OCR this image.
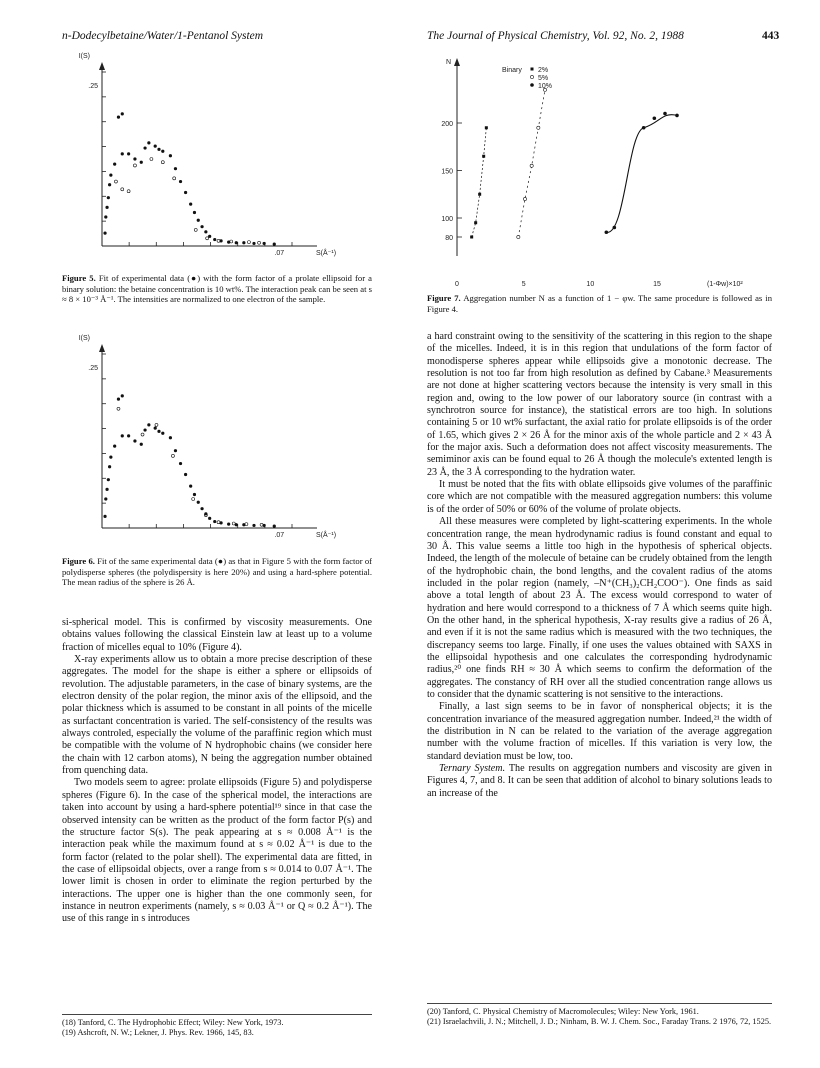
n-Dodecylbetaine/Water/1-Pentanol System	The Journal of Physical Chemistry, Vol. 92, No. 2, 1988	443
I(S)
.25
.07	S(Å⁻¹)
Figure 5. Fit of experimental data (●) with the form factor of a prolate ellipsoid for a binary solution: the betaine concentration is 10 wt%. The interaction peak can be seen at s ≈ 8 × 10⁻³ Å⁻¹. The intensities are normalized to one electron of the sample.
I(S)
.25
.07	S(Å⁻¹)
Figure 6. Fit of the same experimental data (●) as that in Figure 5 with the form factor of polydisperse spheres (the polydispersity is here 20%) and using a hard-sphere potential. The mean radius of the sphere is 26 Å.
N
80
100
150
200
0	5	10	15	(1-Φw)×10²
Binary 2%
5%
10%
Figure 7. Aggregation number N as a function of 1 − φw. The same procedure is followed as in Figure 4.

si-spherical model. This is confirmed by viscosity measurements. One obtains values following the classical Einstein law at least up to a volume fraction of micelles equal to 10% (Figure 4).

X-ray experiments allow us to obtain a more precise description of these aggregates. The model for the shape is either a sphere or ellipsoids of revolution. The adjustable parameters, in the case of binary systems, are the electron density of the polar region, the minor axis of the ellipsoid, and the polar thickness which is assumed to be constant in all points of the micelle as surfactant concentration is varied. The self-consistency of the results was always controled, especially the volume of the paraffinic region which must be compatible with the volume of N hydrophobic chains (we consider here the chain with 12 carbon atoms), N being the aggregation number obtained from quenching data.

Two models seem to agree: prolate ellipsoids (Figure 5) and polydisperse spheres (Figure 6). In the case of the spherical model, the interactions are taken into account by using a hard-sphere potential¹⁹ since in that case the observed intensity can be written as the product of the form factor P(s) and the structure factor S(s). The peak appearing at s ≈ 0.008 Å⁻¹ is the interaction peak while the maximum found at s ≈ 0.02 Å⁻¹ is due to the form factor (related to the polar shell). The experimental data are fitted, in the case of ellipsoidal objects, over a range from s ≈ 0.014 to 0.07 Å⁻¹. The lower limit is chosen in order to eliminate the region perturbed by the interactions. The upper one is higher than the one commonly seen, for instance in neutron experiments (namely, s ≈ 0.03 Å⁻¹ or Q ≈ 0.2 Å⁻¹). The use of this range in s introduces

(18) Tanford, C. The Hydrophobic Effect; Wiley: New York, 1973.
(19) Ashcroft, N. W.; Lekner, J. Phys. Rev. 1966, 145, 83.

a hard constraint owing to the sensitivity of the scattering in this region to the shape of the micelles. Indeed, it is in this region that undulations of the form factor of monodisperse spheres appear while ellipsoids give a monotonic decrease. The resolution is not too far from high resolution as defined by Cabane.³ Measurements are not done at higher scattering vectors because the intensity is very small in this region and, owing to the low power of our laboratory source (in contrast with a synchrotron source for instance), the statistical errors are too high. In solutions containing 5 or 10 wt% surfactant, the axial ratio for prolate ellipsoids is of the order of 1.65, which gives 2 × 26 Å for the minor axis of the whole particle and 2 × 43 Å for the major axis. Such a deformation does not affect viscosity measurements. The semiminor axis can be found equal to 26 Å though the molecule's extented length is 23 Å, the 3 Å corresponding to the hydration water.

It must be noted that the fits with oblate ellipsoids give volumes of the paraffinic core which are not compatible with the measured aggregation numbers: this volume is of the order of 50% or 60% of the volume of prolate objects.

All these measures were completed by light-scattering experiments. In the whole concentration range, the mean hydrodynamic radius is found constant and equal to 30 Å. This value seems a little too high in the hypothesis of spherical objects. Indeed, the length of the molecule of betaine can be crudely obtained from the length of the hydrophobic chain, the bond lengths, and the covalent radius of the atoms included in the polar region (namely, –N⁺(CH₃)₂CH₂COO⁻). One finds as said above a total length of about 23 Å. The excess would correspond to water of hydration and here would correspond to a thickness of 7 Å which seems quite high. On the other hand, in the spherical hypothesis, X-ray results give a radius of 26 Å, and even if it is not the same radius which is measured with the two techniques, the discrepancy seems too large. Finally, if one uses the values obtained with SAXS in the ellipsoidal hypothesis and one calculates the corresponding hydrodynamic radius,²⁰ one finds RH ≈ 30 Å which seems to confirm the deformation of the aggregates. The constancy of RH over all the studied concentration range allows us to consider that the dynamic scattering is not sensitive to the interactions.

Finally, a last sign seems to be in favor of nonspherical objects; it is the concentration invariance of the measured aggregation number. Indeed,²¹ the width of the distribution in N can be related to the variation of the average aggregation number with the volume fraction of micelles. If this variation is very low, the standard deviation must be low, too.

Ternary System. The results on aggregation numbers and viscosity are given in Figures 4, 7, and 8. It can be seen that addition of alcohol to binary solutions leads to an increase of the

(20) Tanford, C. Physical Chemistry of Macromolecules; Wiley: New York, 1961.
(21) Israelachvili, J. N.; Mitchell, J. D.; Ninham, B. W. J. Chem. Soc., Faraday Trans. 2 1976, 72, 1525.
